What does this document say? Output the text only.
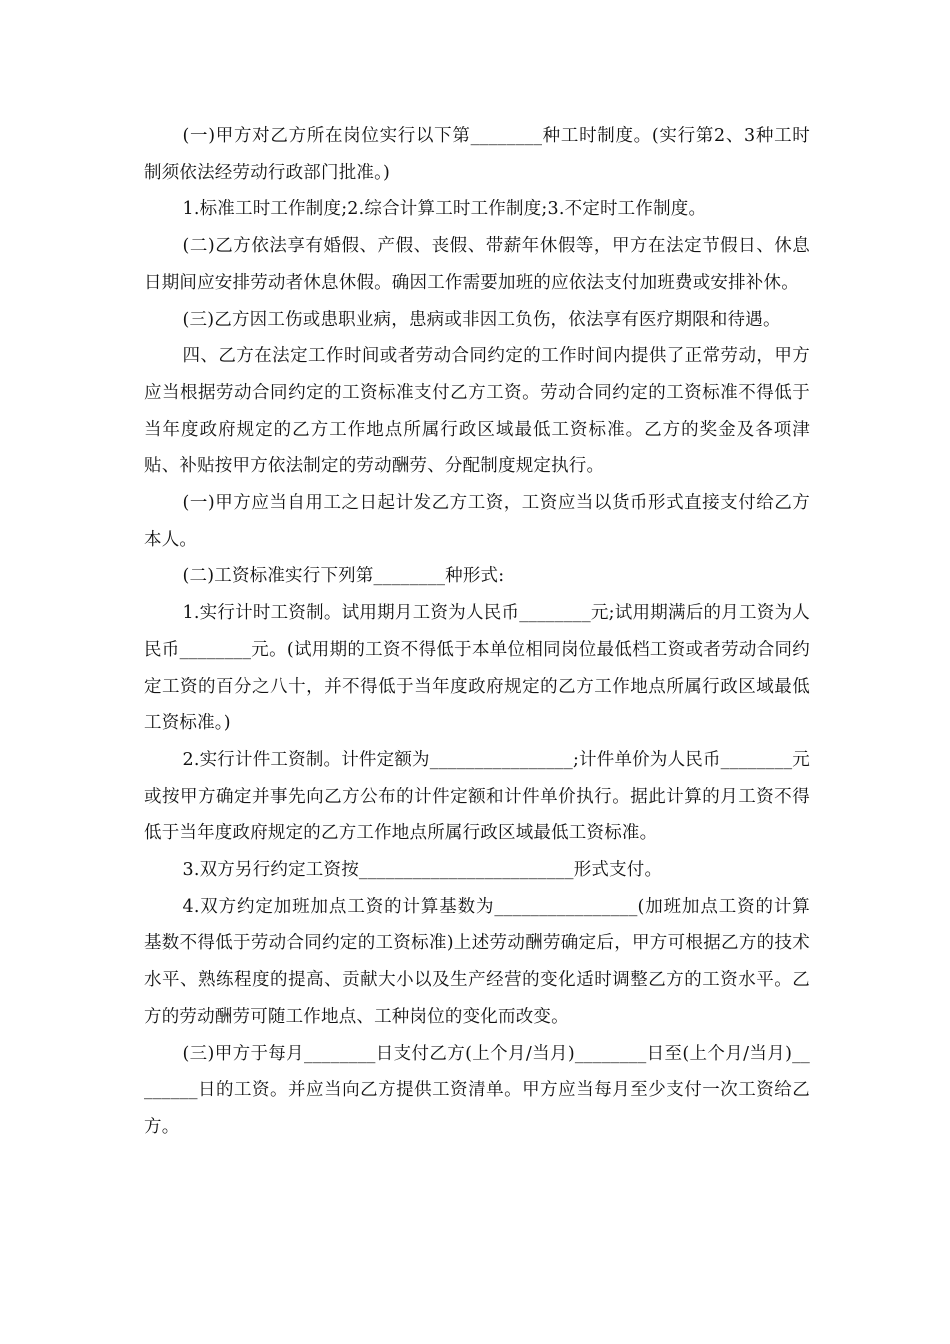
(一)甲方对乙方所在岗位实行以下第________种工时制度。(实行第2、3种工时制须依法经劳动行政部门批准。)

1.标准工时工作制度;2.综合计算工时工作制度;3.不定时工作制度。

(二)乙方依法享有婚假、产假、丧假、带薪年休假等，甲方在法定节假日、休息日期间应安排劳动者休息休假。确因工作需要加班的应依法支付加班费或安排补休。

(三)乙方因工伤或患职业病，患病或非因工负伤，依法享有医疗期限和待遇。

四、乙方在法定工作时间或者劳动合同约定的工作时间内提供了正常劳动，甲方应当根据劳动合同约定的工资标准支付乙方工资。劳动合同约定的工资标准不得低于当年度政府规定的乙方工作地点所属行政区域最低工资标准。乙方的奖金及各项津贴、补贴按甲方依法制定的劳动酬劳、分配制度规定执行。

(一)甲方应当自用工之日起计发乙方工资，工资应当以货币形式直接支付给乙方本人。

(二)工资标准实行下列第________种形式:

1.实行计时工资制。试用期月工资为人民币________元;试用期满后的月工资为人民币________元。(试用期的工资不得低于本单位相同岗位最低档工资或者劳动合同约定工资的百分之八十，并不得低于当年度政府规定的乙方工作地点所属行政区域最低工资标准。)

2.实行计件工资制。计件定额为________________;计件单价为人民币________元或按甲方确定并事先向乙方公布的计件定额和计件单价执行。据此计算的月工资不得低于当年度政府规定的乙方工作地点所属行政区域最低工资标准。

3.双方另行约定工资按________________________形式支付。

4.双方约定加班加点工资的计算基数为________________(加班加点工资的计算基数不得低于劳动合同约定的工资标准)上述劳动酬劳确定后，甲方可根据乙方的技术水平、熟练程度的提高、贡献大小以及生产经营的变化适时调整乙方的工资水平。乙方的劳动酬劳可随工作地点、工种岗位的变化而改变。

(三)甲方于每月________日支付乙方(上个月/当月)________日至(上个月/当月)________日的工资。并应当向乙方提供工资清单。甲方应当每月至少支付一次工资给乙方。
